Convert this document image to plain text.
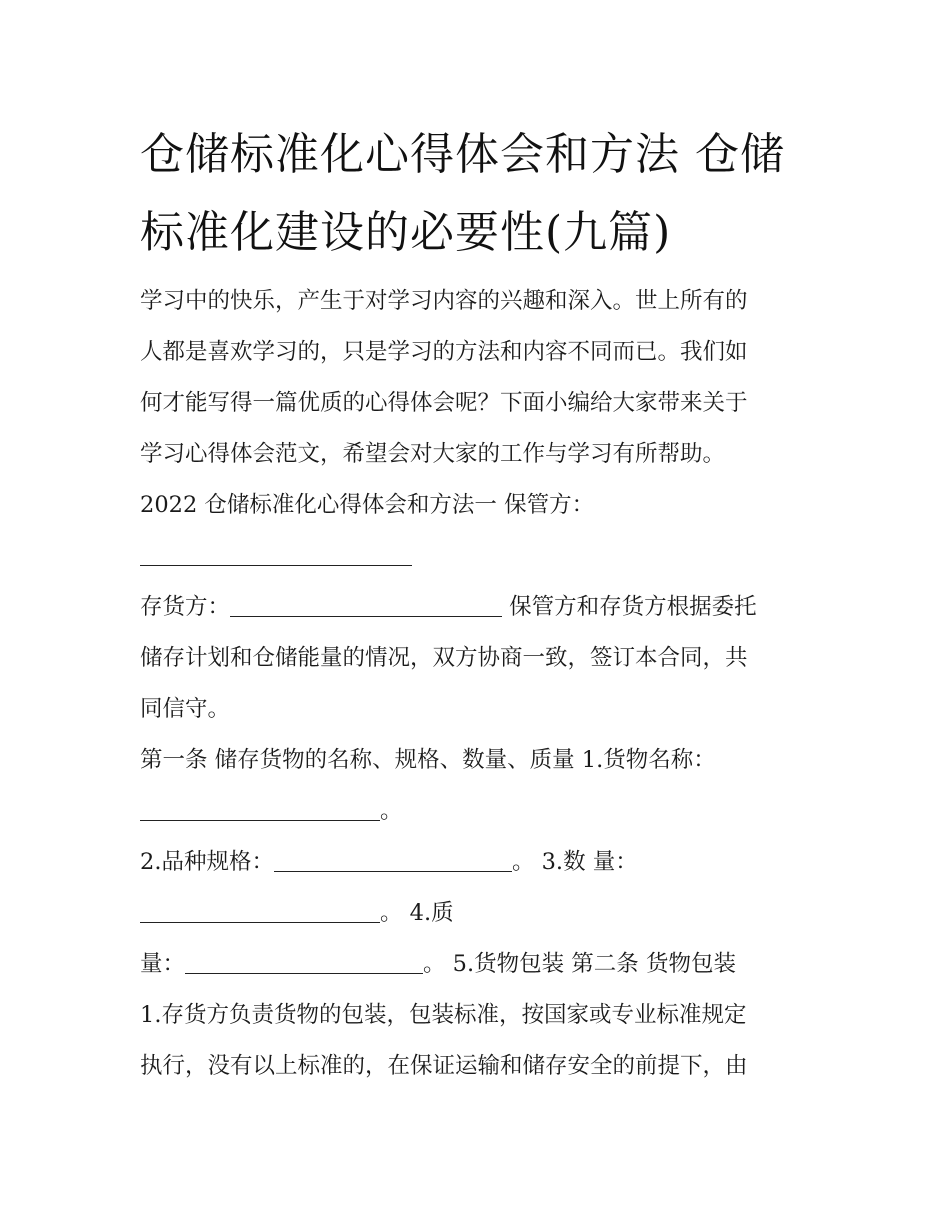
仓储标准化心得体会和方法 仓储标准化建设的必要性(九篇)
学习中的快乐，产生于对学习内容的兴趣和深入。世上所有的
人都是喜欢学习的，只是学习的方法和内容不同而已。我们如
何才能写得一篇优质的心得体会呢？下面小编给大家带来关于
学习心得体会范文，希望会对大家的工作与学习有所帮助。
2022 仓储标准化心得体会和方法一 保管方：
存货方：	保管方和存货方根据委托
储存计划和仓储能量的情况，双方协商一致，签订本合同，共
同信守。
第一条 储存货物的名称、规格、数量、质量 1.货物名称：
。
2.品种规格：	。 3.数 量：
。 4.质
量：	。 5.货物包装 第二条 货物包装
1.存货方负责货物的包装，包装标准，按国家或专业标准规定
执行，没有以上标准的，在保证运输和储存安全的前提下，由
